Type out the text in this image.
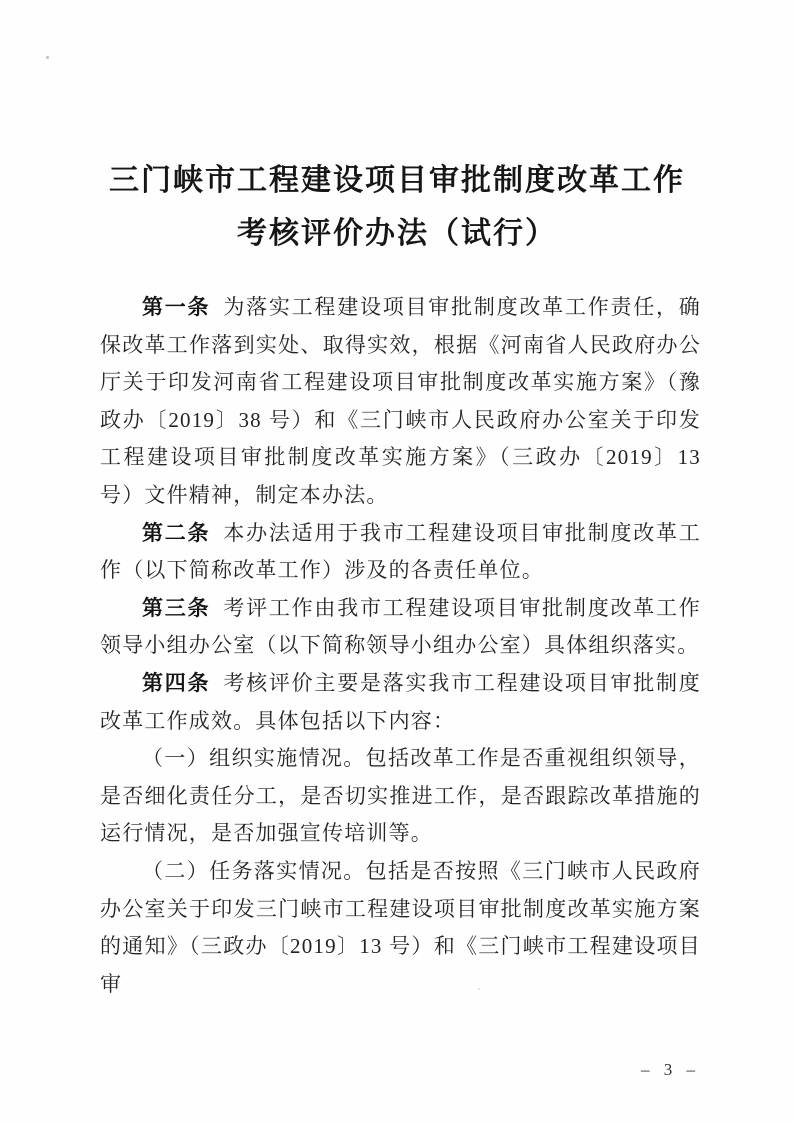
三门峡市工程建设项目审批制度改革工作
考核评价办法（试行）

第一条 为落实工程建设项目审批制度改革工作责任，确保改革工作落到实处、取得实效，根据《河南省人民政府办公厅关于印发河南省工程建设项目审批制度改革实施方案》（豫政办〔2019〕38 号）和《三门峡市人民政府办公室关于印发工程建设项目审批制度改革实施方案》（三政办〔2019〕13 号）文件精神，制定本办法。

第二条 本办法适用于我市工程建设项目审批制度改革工作（以下简称改革工作）涉及的各责任单位。

第三条 考评工作由我市工程建设项目审批制度改革工作领导小组办公室（以下简称领导小组办公室）具体组织落实。

第四条 考核评价主要是落实我市工程建设项目审批制度改革工作成效。具体包括以下内容：

（一）组织实施情况。包括改革工作是否重视组织领导，是否细化责任分工，是否切实推进工作，是否跟踪改革措施的运行情况，是否加强宣传培训等。

（二）任务落实情况。包括是否按照《三门峡市人民政府办公室关于印发三门峡市工程建设项目审批制度改革实施方案的通知》（三政办〔2019〕13 号）和《三门峡市工程建设项目审

– 3 –
